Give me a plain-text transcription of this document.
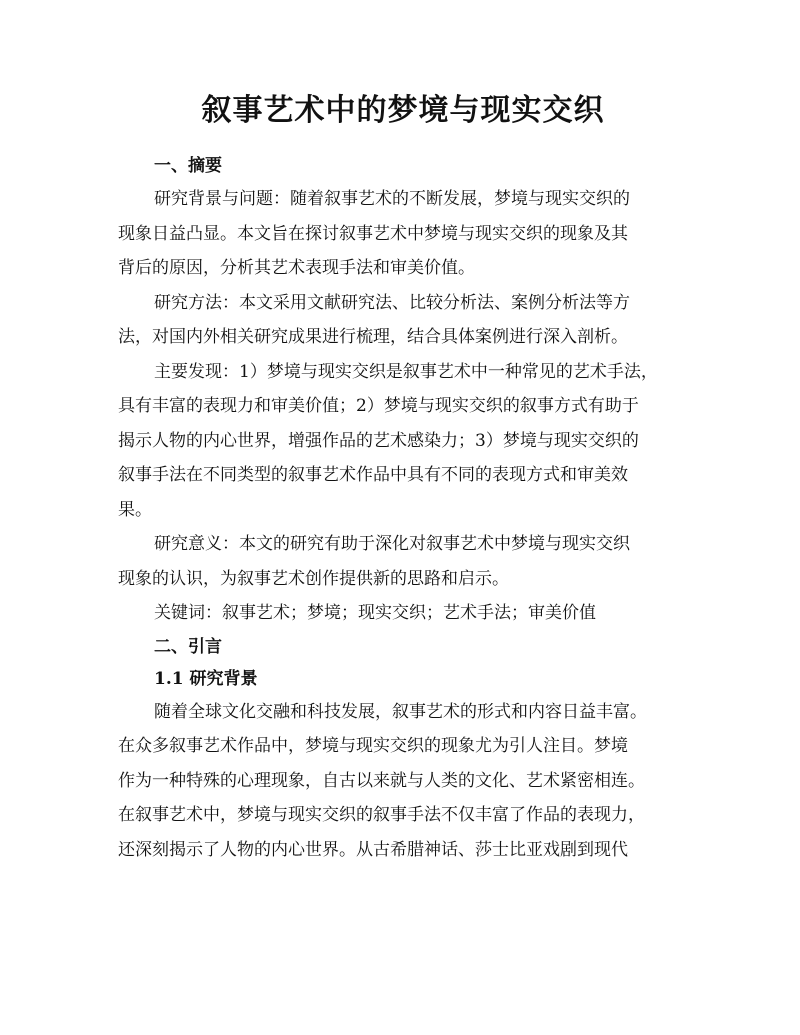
叙事艺术中的梦境与现实交织
一、摘要

研究背景与问题：随着叙事艺术的不断发展，梦境与现实交织的
现象日益凸显。本文旨在探讨叙事艺术中梦境与现实交织的现象及其
背后的原因，分析其艺术表现手法和审美价值。

研究方法：本文采用文献研究法、比较分析法、案例分析法等方
法，对国内外相关研究成果进行梳理，结合具体案例进行深入剖析。

主要发现：1）梦境与现实交织是叙事艺术中一种常见的艺术手法，
具有丰富的表现力和审美价值；2）梦境与现实交织的叙事方式有助于
揭示人物的内心世界，增强作品的艺术感染力；3）梦境与现实交织的
叙事手法在不同类型的叙事艺术作品中具有不同的表现方式和审美效
果。

研究意义：本文的研究有助于深化对叙事艺术中梦境与现实交织
现象的认识，为叙事艺术创作提供新的思路和启示。

关键词：叙事艺术；梦境；现实交织；艺术手法；审美价值

二、引言
1.1 研究背景

随着全球文化交融和科技发展，叙事艺术的形式和内容日益丰富。
在众多叙事艺术作品中，梦境与现实交织的现象尤为引人注目。梦境
作为一种特殊的心理现象，自古以来就与人类的文化、艺术紧密相连。
在叙事艺术中，梦境与现实交织的叙事手法不仅丰富了作品的表现力，
还深刻揭示了人物的内心世界。从古希腊神话、莎士比亚戏剧到现代
